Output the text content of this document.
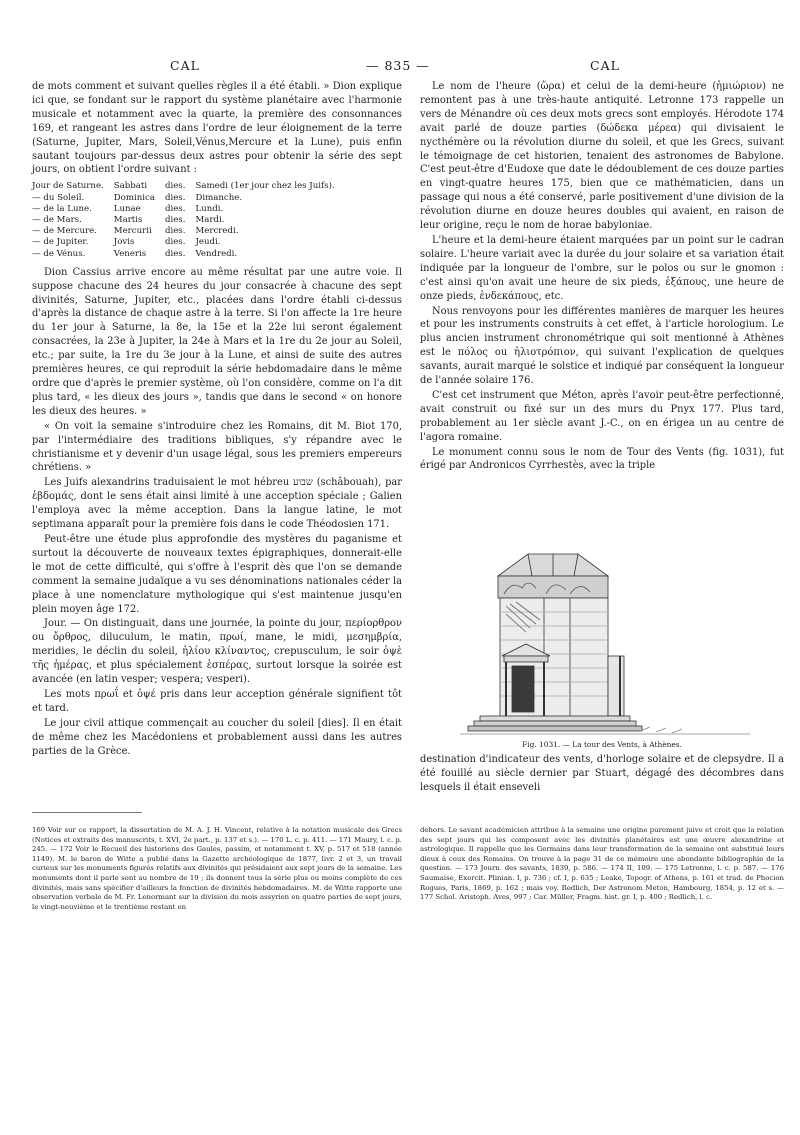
CAL	— 835 —	CAL

de mots comment et suivant quelles règles il a été établi. » Dion explique ici que, se fondant sur le rapport du système planétaire avec l'harmonie musicale et notamment avec la quarte, la première des consonnances 169, et rangeant les astres dans l'ordre de leur éloignement de la terre (Saturne, Jupiter, Mars, Soleil,Vénus,Mercure et la Lune), puis enfin sautant toujours par-dessus deux astres pour obtenir la série des sept jours, on obtient l'ordre suivant :

Jour de Saturne.	Sabbati	dies.	Samedi (1er jour chez les Juifs).
— du Soleil.	Dominica	dies.	Dimanche.
— de la Lune.	Lunae	dies.	Lundi.
— de Mars.	Martis	dies.	Mardi.
— de Mercure.	Mercurii	dies.	Mercredi.
— de Jupiter.	Jovis	dies.	Jeudi.
— de Vénus.	Veneris	dies.	Vendredi.

Dion Cassius arrive encore au même résultat par une autre voie. Il suppose chacune des 24 heures du jour consacrée à chacune des sept divinités, Saturne, Jupiter, etc., placées dans l'ordre établi ci-dessus d'après la distance de chaque astre à la terre. Si l'on affecte la 1re heure du 1er jour à Saturne, la 8e, la 15e et la 22e lui seront également consacrées, la 23e à Jupiter, la 24e à Mars et la 1re du 2e jour au Soleil, etc.; par suite, la 1re du 3e jour à la Lune, et ainsi de suite des autres premières heures, ce qui reproduit la série hebdomadaire dans le même ordre que d'après le premier système, où l'on considère, comme on l'a dit plus tard, « les dieux des jours », tandis que dans le second « on honore les dieux des heures. »

« On voit la semaine s'introduire chez les Romains, dit M. Biot 170, par l'intermédiaire des traditions bibliques, s'y répandre avec le christianisme et y devenir d'un usage légal, sous les premiers empereurs chrétiens. »

Les Juifs alexandrins traduisaient le mot hébreu שבוע (schâbouah), par ἑβδομάς, dont le sens était ainsi limité à une acception spéciale ; Galien l'employa avec la même acception. Dans la langue latine, le mot septimana apparaît pour la première fois dans le code Théodosien 171.

Peut-être une étude plus approfondie des mystères du paganisme et surtout la découverte de nouveaux textes épigraphiques, donnerait-elle le mot de cette difficulté, qui s'offre à l'esprit dès que l'on se demande comment la semaine judaïque a vu ses dénominations nationales céder la place à une nomenclature mythologique qui s'est maintenue jusqu'en plein moyen âge 172.

Jour. — On distinguait, dans une journée, la pointe du jour, περίορθρον ou ὄρθρος, diluculum, le matin, πρωί, mane, le midi, μεσημβρία, meridies, le déclin du soleil, ἡλίου κλίναντος, crepusculum, le soir ὀψὲ τῆς ἡμέρας, et plus spécialement ἑσπέρας, surtout lorsque la soirée est avancée (en latin vesper; vespera; vesperi).

Les mots πρωΐ et ὀψέ pris dans leur acception générale signifient tôt et tard.

Le jour civil attique commençait au coucher du soleil [dies]. Il en était de même chez les Macédoniens et probablement aussi dans les autres parties de la Grèce.

Le nom de l'heure (ὥρα) et celui de la demi-heure (ἡμιώριον) ne remontent pas à une très-haute antiquité. Letronne 173 rappelle un vers de Ménandre où ces deux mots grecs sont employés. Hérodote 174 avait parlé de douze parties (δώδεκα μέρεα) qui divisaient le nycthémère ou la révolution diurne du soleil, et que les Grecs, suivant le témoignage de cet historien, tenaient des astronomes de Babylone. C'est peut-être d'Eudoxe que date le dédoublement de ces douze parties en vingt-quatre heures 175, bien que ce mathématicien, dans un passage qui nous a été conservé, parle positivement d'une division de la révolution diurne en douze heures doubles qui avaient, en raison de leur origine, reçu le nom de horae babyloniae.

L'heure et la demi-heure étaient marquées par un point sur le cadran solaire. L'heure variait avec la durée du jour solaire et sa variation était indiquée par la longueur de l'ombre, sur le polos ou sur le gnomon : c'est ainsi qu'on avait une heure de six pieds, ἑξάπους, une heure de onze pieds, ἑνδεκάπους, etc.

Nous renvoyons pour les différentes manières de marquer les heures et pour les instruments construits à cet effet, à l'article horologium. Le plus ancien instrument chronométrique qui soit mentionné à Athènes est le πόλος ou ἡλιοτρόπιον, qui suivant l'explication de quelques savants, aurait marqué le solstice et indiqué par conséquent la longueur de l'année solaire 176.

C'est cet instrument que Méton, après l'avoir peut-être perfectionné, avait construit ou fixé sur un des murs du Pnyx 177. Plus tard, probablement au 1er siècle avant J.-C., on en érigea un au centre de l'agora romaine.

Le monument connu sous le nom de Tour des Vents (fig. 1031), fut érigé par Andronicos Cyrrhestès, avec la triple

Fig. 1031. — La tour des Vents, à Athènes.

destination d'indicateur des vents, d'horloge solaire et de clepsydre. Il a été fouillé au siècle dernier par Stuart, dégagé des décombres dans lesquels il était enseveli

169 Voir sur ce rapport, la dissertation de M. A. J. H. Vincent, relative à la notation musicale des Grecs (Notices et extraits des manuscrits, t. XVI, 2e part., p. 137 et s.). — 170 L. c. p. 411. — 171 Maury, l. c. p. 245. — 172 Voir le Recueil des historiens des Gaules, passim, et notamment t. XV, p. 517 et 518 (année 1149). M. le baron de Witte a publié dans la Gazette archéologique de 1877, livr. 2 et 3, un travail curieux sur les monuments figurés relatifs aux divinités qui présidaient aux sept jours de la semaine. Les monuments dont il parle sont au nombre de 19 ; ils donnent tous la série plus ou moins complète de ces divinités, mais sans spécifier d'ailleurs la fonction de divinités hebdomadaires. M. de Witte rapporte une observation verbale de M. Fr. Lenormant sur la division du mois assyrien en quatre parties de sept jours, le vingt-neuvième et le trentième restant en
dehors. Le savant académicien attribue à la semaine une origine purement juive et croit que la relation des sept jours qui les composent avec les divinités planétaires est une œuvre alexandrine et astrologique. Il rappelle que les Germains dans leur transformation de la semaine ont substitué leurs dieux à ceux des Romains. On trouve à la page 31 de ce mémoire une abondante bibliographie de la question. — 173 Journ. des savants, 1839, p. 586. — 174 II, 109. — 175 Letronne, l. c. p. 587. — 176 Saumaise, Exercit. Plinian. I, p. 736 ; cf. I, p. 635 ; Leake, Topogr. of Athens, p. 161 et trad. de Phocion Rogues, Paris, 1869, p. 162 ; mais voy. Redlich, Der Astronom Meton, Hambourg, 1854, p. 12 et s. — 177 Schol. Aristoph. Aves, 997 ; Car. Müller, Fragm. hist. gr. I, p. 400 ; Redlich, l. c.
